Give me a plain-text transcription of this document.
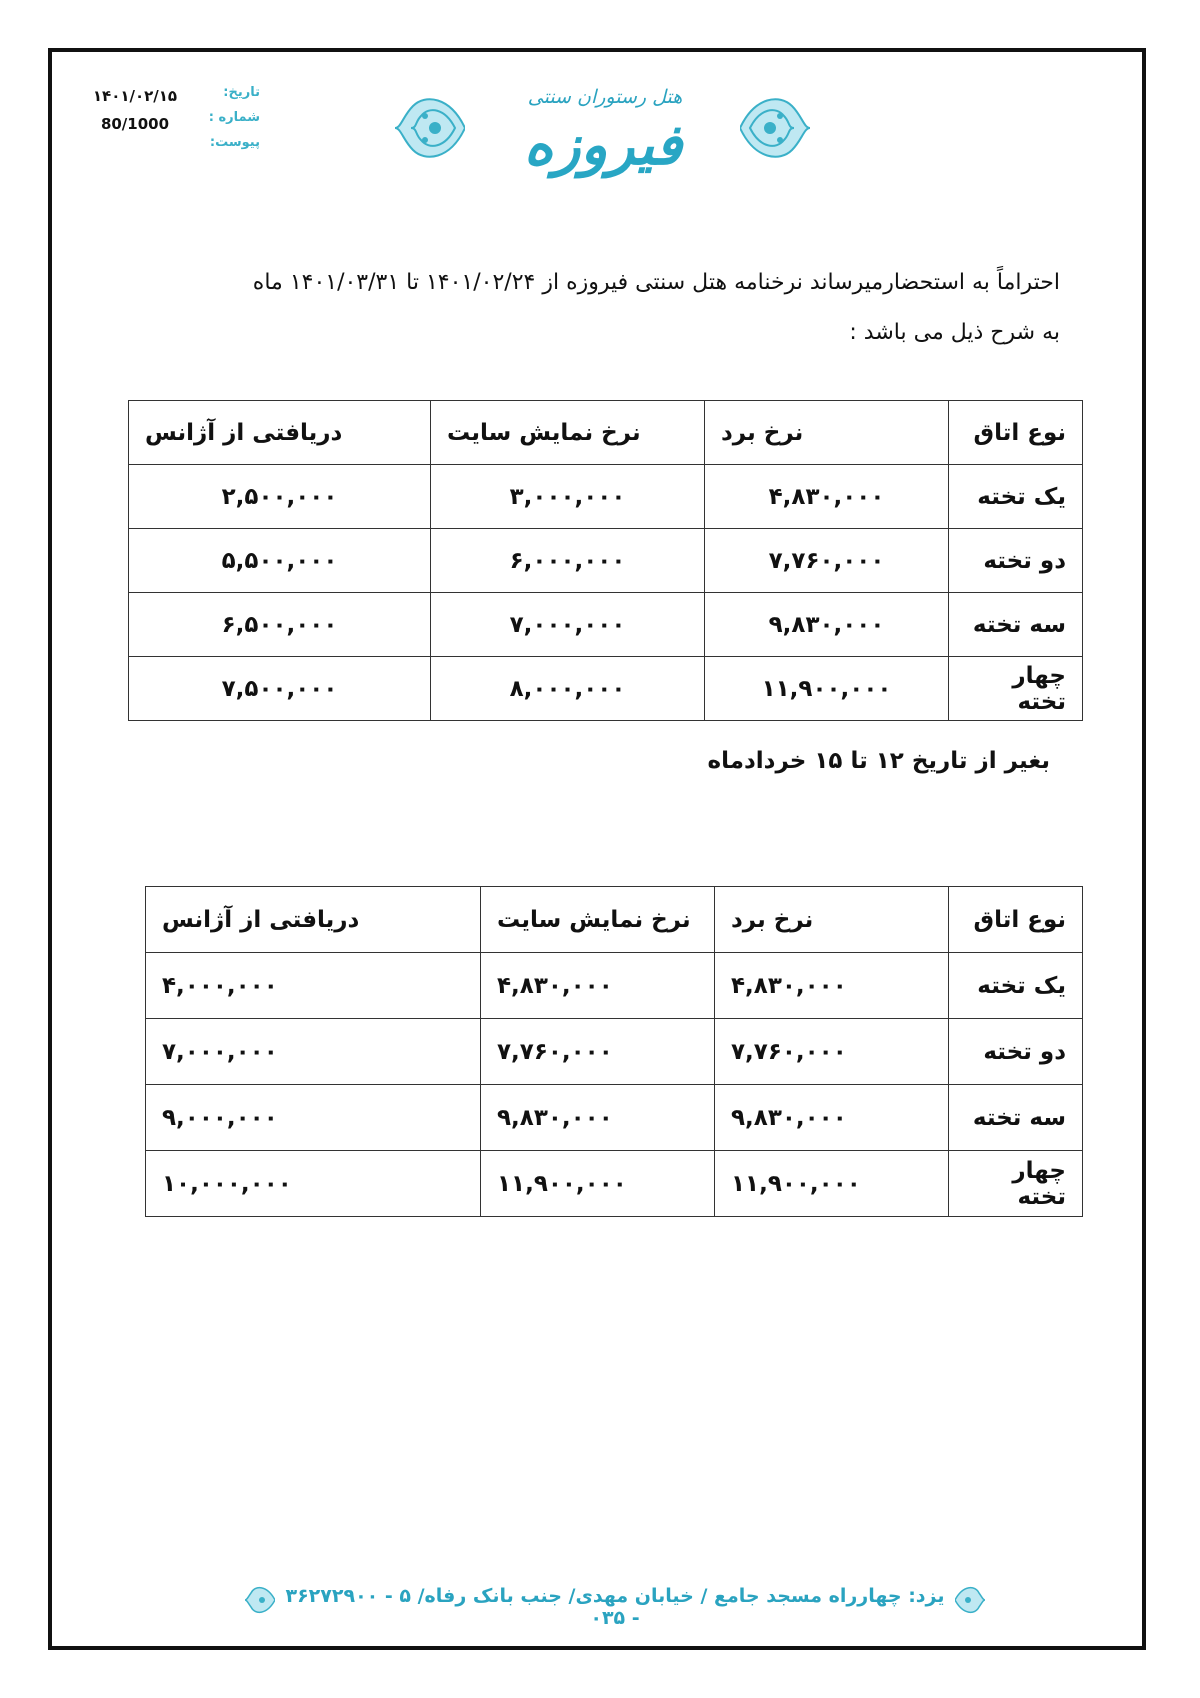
۱۴۰۱/۰۲/۱۵
80/1000
تاریخ:
شماره :
پیوست:
هتل رستوران سنتی
فیروزه
احتراماً به استحضارمیرساند نرخنامه هتل سنتی فیروزه از ۱۴۰۱/۰۲/۲۴ تا ۱۴۰۱/۰۳/۳۱ ماه
به شرح ذیل می باشد :
نوع اتاق	نرخ برد	نرخ نمایش سایت	دریافتی از آژانس
یک تخته	۴,۸۳۰,۰۰۰	۳,۰۰۰,۰۰۰	۲,۵۰۰,۰۰۰
دو تخته	۷,۷۶۰,۰۰۰	۶,۰۰۰,۰۰۰	۵,۵۰۰,۰۰۰
سه تخته	۹,۸۳۰,۰۰۰	۷,۰۰۰,۰۰۰	۶,۵۰۰,۰۰۰
چهار تخته	۱۱,۹۰۰,۰۰۰	۸,۰۰۰,۰۰۰	۷,۵۰۰,۰۰۰
بغیر از تاریخ ۱۲ تا ۱۵ خردادماه
نوع اتاق	نرخ برد	نرخ نمایش سایت	دریافتی از آژانس
یک تخته	۴,۸۳۰,۰۰۰	۴,۸۳۰,۰۰۰	۴,۰۰۰,۰۰۰
دو تخته	۷,۷۶۰,۰۰۰	۷,۷۶۰,۰۰۰	۷,۰۰۰,۰۰۰
سه تخته	۹,۸۳۰,۰۰۰	۹,۸۳۰,۰۰۰	۹,۰۰۰,۰۰۰
چهار تخته	۱۱,۹۰۰,۰۰۰	۱۱,۹۰۰,۰۰۰	۱۰,۰۰۰,۰۰۰
یزد: چهارراه مسجد جامع / خیابان مهدی/ جنب بانک رفاه/ ۵ - ۳۶۲۷۲۹۰۰ - ۰۳۵
